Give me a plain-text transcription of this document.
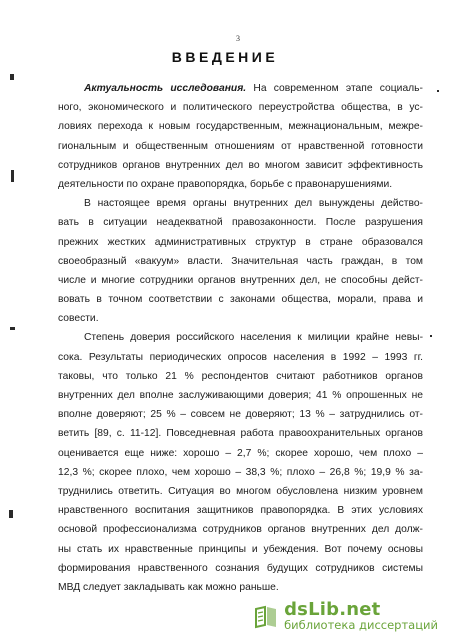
3
ВВЕДЕНИЕ
Актуальность исследования. На современном этапе социаль-
ного, экономического и политического переустройства общества, в ус-
ловиях перехода к новым государственным, межнациональным, межре-
гиональным и общественным отношениям от нравственной готовности
сотрудников органов внутренних дел во многом зависит эффективность
деятельности по охране правопорядка, борьбе с правонарушениями.
В настоящее время органы внутренних дел вынуждены действо-
вать в ситуации неадекватной правозаконности. После разрушения
прежних жестких административных структур в стране образовался
своеобразный «вакуум» власти. Значительная часть граждан, в том
числе и многие сотрудники органов внутренних дел, не способны дейст-
вовать в точном соответствии с законами общества, морали, права и
совести.
Степень доверия российского населения к милиции крайне невы-
сока. Результаты периодических опросов населения в 1992 – 1993 гг.
таковы, что только 21 % респондентов считают работников органов
внутренних дел вполне заслуживающими доверия; 41 % опрошенных не
вполне доверяют; 25 % – совсем не доверяют; 13 % – затруднились от-
ветить [89, с. 11-12]. Повседневная работа правоохранительных органов
оценивается еще ниже: хорошо – 2,7 %; скорее хорошо, чем плохо –
12,3 %; скорее плохо, чем хорошо – 38,3 %; плохо – 26,8 %; 19,9 % за-
труднились ответить. Ситуация во многом обусловлена низким уровнем
нравственного воспитания защитников правопорядка. В этих условиях
основой профессионализма сотрудников органов внутренних дел долж-
ны стать их нравственные принципы и убеждения. Вот почему основы
формирования нравственного сознания будущих сотрудников системы
МВД следует закладывать как можно раньше.
dsLib.net
библиотека диссертаций
